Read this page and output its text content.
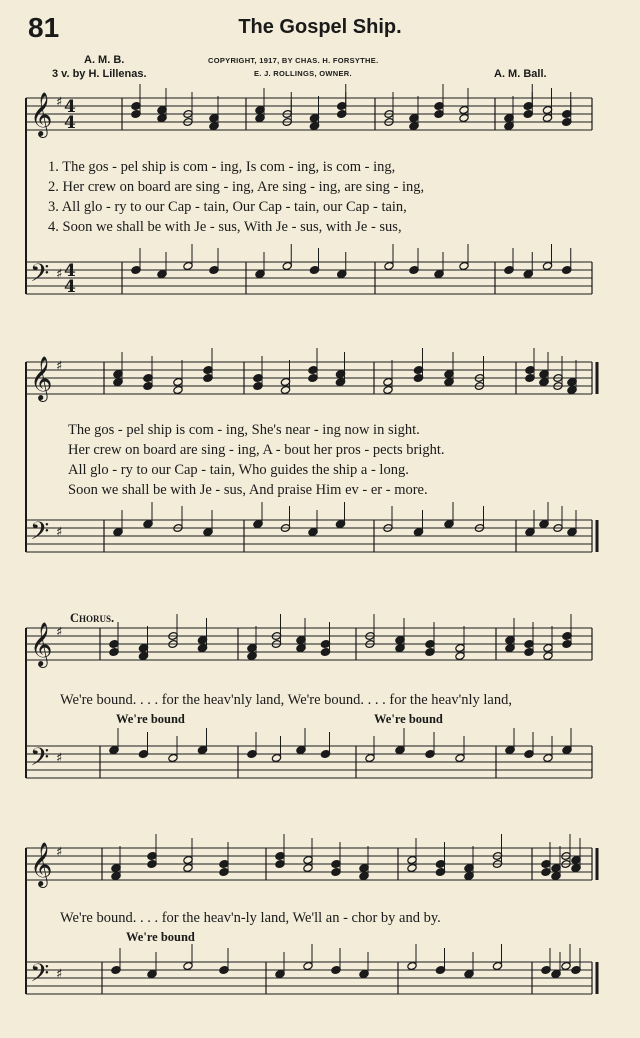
81	The Gospel Ship.
A. M. B.
3 v. by H. Lillenas.
COPYRIGHT, 1917, BY CHAS. H. FORSYTHE.
E. J. ROLLINGS, OWNER.	A. M. Ball.
𝄞
𝄢
♯
♯
4
4
4
4
𝄞
𝄢
♯
♯
𝄞
𝄢
♯
♯
𝄞
𝄢
♯
♯
1. The gos - pel ship is com - ing, Is com - ing, is com - ing,
2. Her crew on board are sing - ing, Are sing - ing, are sing - ing,
3. All glo - ry to our Cap - tain, Our Cap - tain, our Cap - tain,
4. Soon we shall be with Je - sus, With Je - sus, with Je - sus,
The gos - pel ship is com - ing, She's near - ing now in sight.
Her crew on board are sing - ing, A - bout her pros - pects bright.
All glo - ry to our Cap - tain, Who guides the ship a - long.
Soon we shall be with Je - sus, And praise Him ev - er - more.
Chorus.
We're bound. . . . for the heav'nly land, We're bound. . . . for the heav'nly land,
We're bound	We're bound
We're bound. . . . for the heav'n-ly land, We'll an - chor by and by.
We're bound
